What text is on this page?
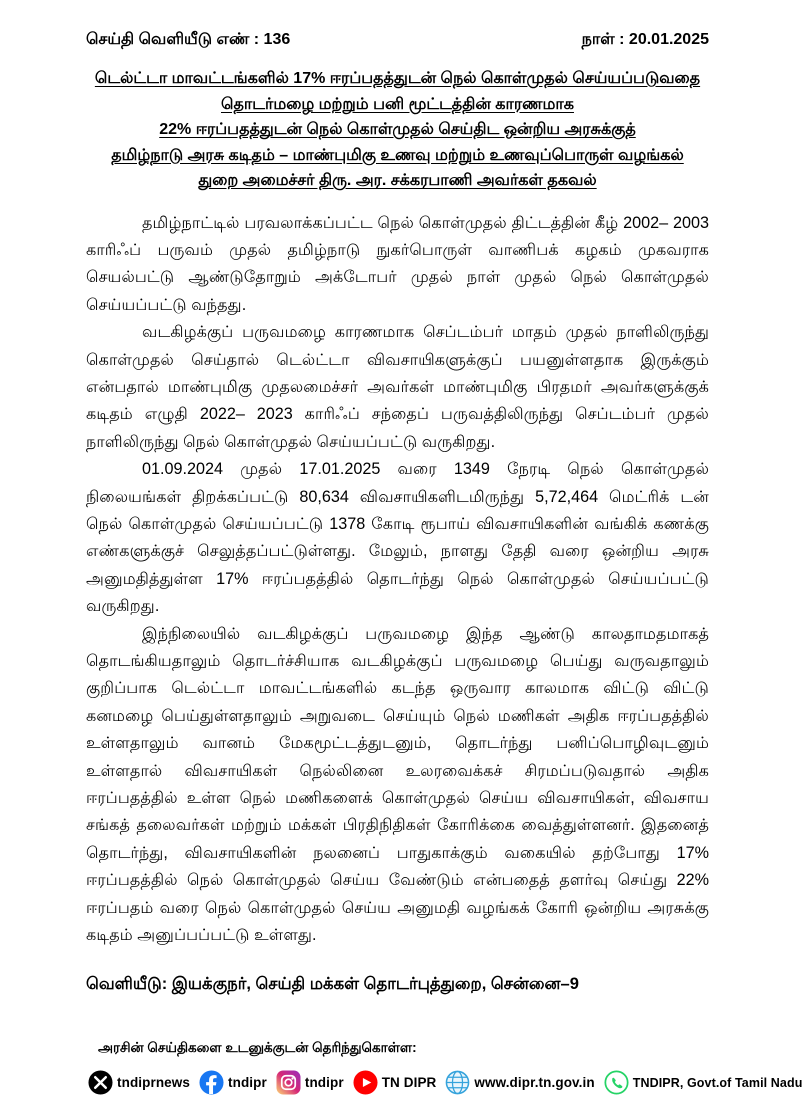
செய்தி வெளியீடு எண் : 136	நாள் : 20.01.2025
டெல்ட்டா மாவட்டங்களில் 17% ஈரப்பதத்துடன் நெல் கொள்முதல் செய்யப்படுவதை
தொடர்மழை மற்றும் பனி மூட்டத்தின் காரணமாக
22% ஈரப்பதத்துடன் நெல் கொள்முதல் செய்திட ஒன்றிய அரசுக்குத்
தமிழ்நாடு அரசு கடிதம் – மாண்புமிகு உணவு மற்றும் உணவுப்பொருள் வழங்கல்
துறை அமைச்சர் திரு. அர. சக்கரபாணி அவர்கள் தகவல்

தமிழ்நாட்டில் பரவலாக்கப்பட்ட நெல் கொள்முதல் திட்டத்தின் கீழ் 2002– 2003 காரிஃப் பருவம் முதல் தமிழ்நாடு நுகர்பொருள் வாணிபக் கழகம் முகவராக செயல்பட்டு ஆண்டுதோறும் அக்டோபர் முதல் நாள் முதல் நெல் கொள்முதல் செய்யப்பட்டு வந்தது.

வடகிழக்குப் பருவமழை காரணமாக செப்டம்பர் மாதம் முதல் நாளிலிருந்து கொள்முதல் செய்தால் டெல்ட்டா விவசாயிகளுக்குப் பயனுள்ளதாக இருக்கும் என்பதால் மாண்புமிகு முதலமைச்சர் அவர்கள் மாண்புமிகு பிரதமர் அவர்களுக்குக் கடிதம் எழுதி 2022– 2023 காரிஃப் சந்தைப் பருவத்திலிருந்து செப்டம்பர் முதல் நாளிலிருந்து நெல் கொள்முதல் செய்யப்பட்டு வருகிறது.

01.09.2024 முதல் 17.01.2025 வரை 1349 நேரடி நெல் கொள்முதல் நிலையங்கள் திறக்கப்பட்டு 80,634 விவசாயிகளிடமிருந்து 5,72,464 மெட்ரிக் டன் நெல் கொள்முதல் செய்யப்பட்டு 1378 கோடி ரூபாய் விவசாயிகளின் வங்கிக் கணக்கு எண்களுக்குச் செலுத்தப்பட்டுள்ளது. மேலும், நாளது தேதி வரை ஒன்றிய அரசு அனுமதித்துள்ள 17% ஈரப்பதத்தில் தொடர்ந்து நெல் கொள்முதல் செய்யப்பட்டு வருகிறது.

இந்நிலையில் வடகிழக்குப் பருவமழை இந்த ஆண்டு காலதாமதமாகத் தொடங்கியதாலும் தொடர்ச்சியாக வடகிழக்குப் பருவமழை பெய்து வருவதாலும் குறிப்பாக டெல்ட்டா மாவட்டங்களில் கடந்த ஒருவார காலமாக விட்டு விட்டு கனமழை பெய்துள்ளதாலும் அறுவடை செய்யும் நெல் மணிகள் அதிக ஈரப்பதத்தில் உள்ளதாலும் வானம் மேகமூட்டத்துடனும், தொடர்ந்து பனிப்பொழிவுடனும் உள்ளதால் விவசாயிகள் நெல்லினை உலரவைக்கச் சிரமப்படுவதால் அதிக ஈரப்பதத்தில் உள்ள நெல் மணிகளைக் கொள்முதல் செய்ய விவசாயிகள், விவசாய சங்கத் தலைவர்கள் மற்றும் மக்கள் பிரதிநிதிகள் கோரிக்கை வைத்துள்ளனர். இதனைத் தொடர்ந்து, விவசாயிகளின் நலனைப் பாதுகாக்கும் வகையில் தற்போது 17% ஈரப்பதத்தில் நெல் கொள்முதல் செய்ய வேண்டும் என்பதைத் தளர்வு செய்து 22% ஈரப்பதம் வரை நெல் கொள்முதல் செய்ய அனுமதி வழங்கக் கோரி ஒன்றிய அரசுக்கு கடிதம் அனுப்பப்பட்டு உள்ளது.

வெளியீடு: இயக்குநர், செய்தி மக்கள் தொடர்புத்துறை, சென்னை–9
அரசின் செய்திகளை உடனுக்குடன் தெரிந்துகொள்ள:
tndiprnews	tndipr	tndipr	TN DIPR	www.dipr.tn.gov.in	TNDIPR, Govt.of Tamil Nadu
